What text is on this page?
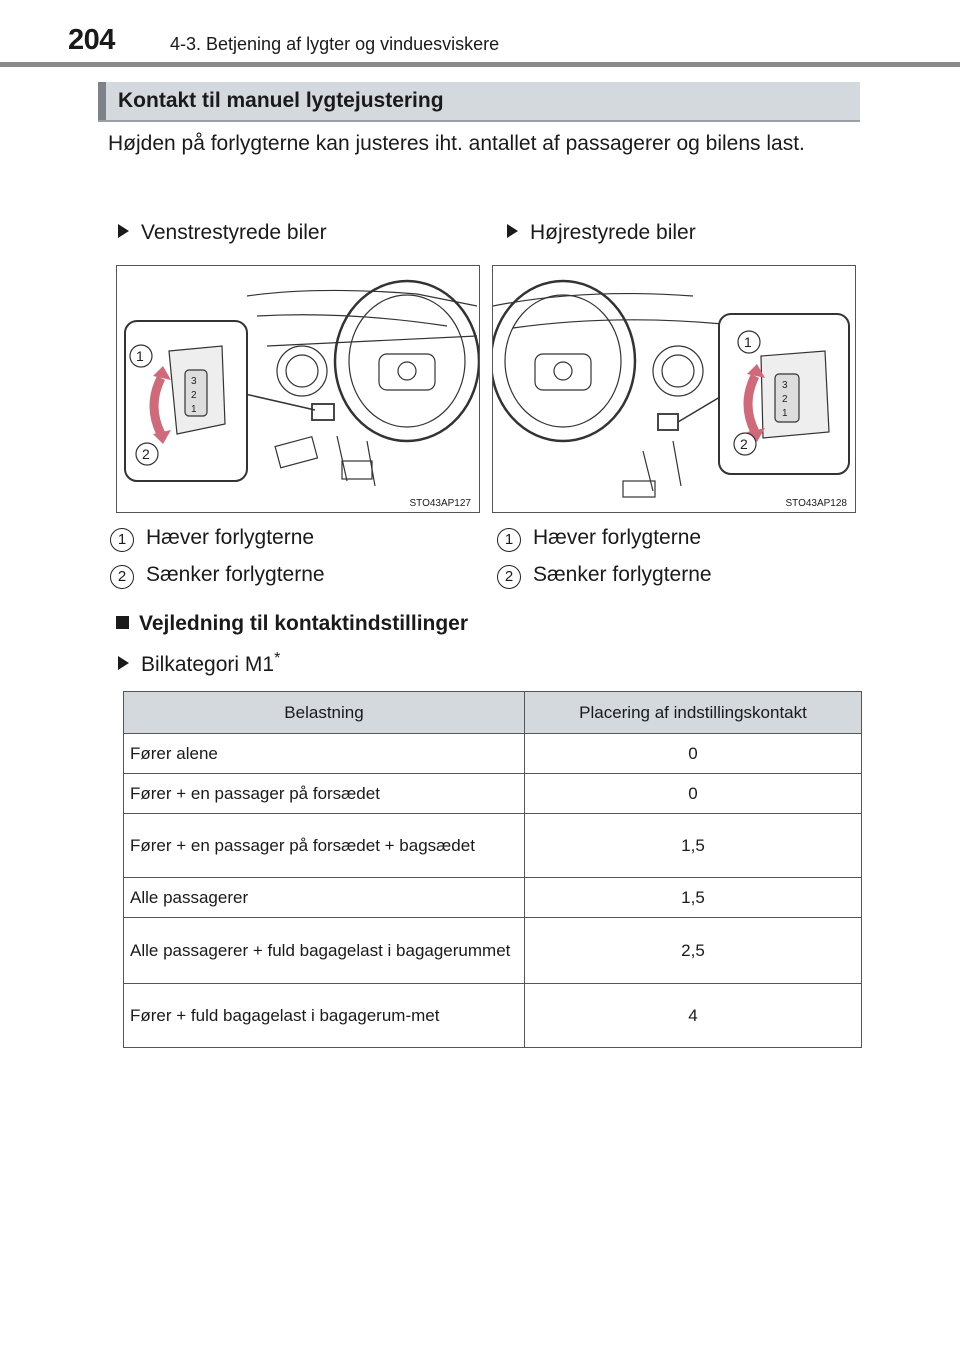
204	4-3. Betjening af lygter og vinduesviskere
Kontakt til manuel lygtejustering
Højden på forlygterne kan justeres iht. antallet af passagerer og bilens last.
Venstrestyrede biler	Højrestyrede biler
3
2
1
1
2
STO43AP127
3
2
1
1
2
STO43AP128
1 Hæver forlygterne
2 Sænker forlygterne
1 Hæver forlygterne
2 Sænker forlygterne
Vejledning til kontaktindstillinger
Bilkategori M1*
Belastning	Placering af indstillingskontakt
Fører alene	0
Fører + en passager på forsædet	0
Fører + en passager på forsædet + bagsædet	1,5
Alle passagerer	1,5
Alle passagerer + fuld bagagelast i bagagerummet	2,5
Fører + fuld bagagelast i bagagerum-met	4
